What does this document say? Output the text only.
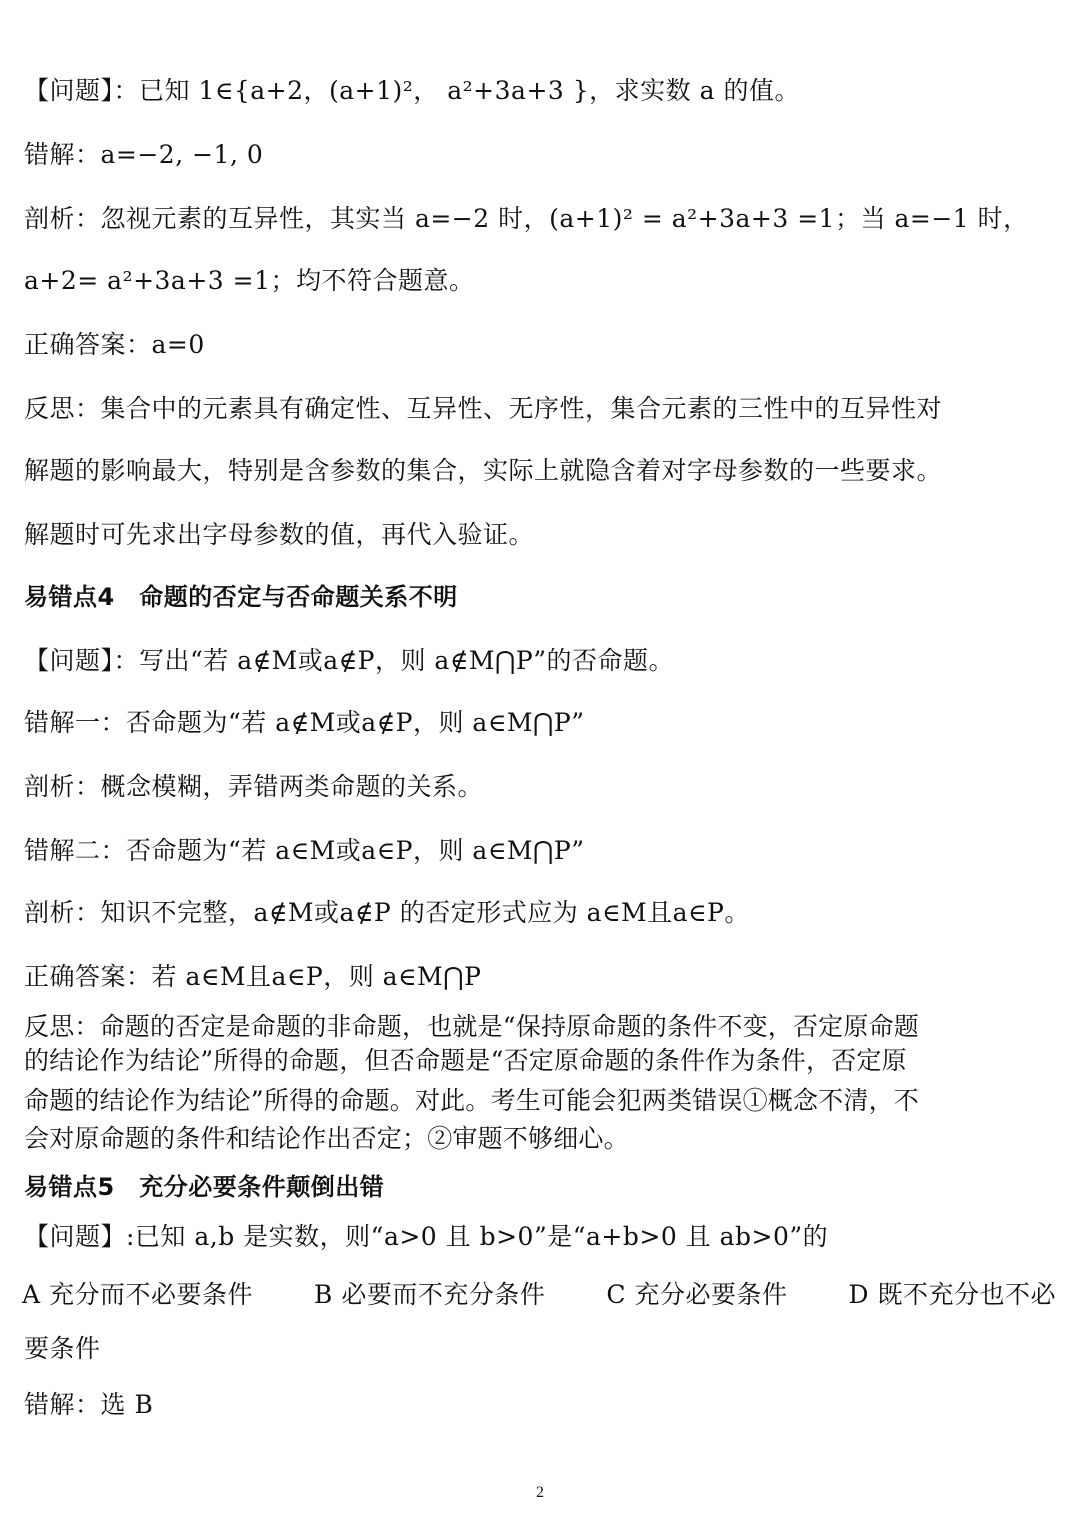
【问题】：已知 1∈{a+2，(a+1)²， a²+3a+3 }，求实数 a 的值。
错解：a=−2, −1, 0
剖析：忽视元素的互异性，其实当 a=−2 时，(a+1)² = a²+3a+3 =1；当 a=−1 时，
a+2= a²+3a+3 =1；均不符合题意。
正确答案：a=0
反思：集合中的元素具有确定性、互异性、无序性，集合元素的三性中的互异性对
解题的影响最大，特别是含参数的集合，实际上就隐含着对字母参数的一些要求。
解题时可先求出字母参数的值，再代入验证。
易错点4　命题的否定与否命题关系不明
【问题】：写出“若 a∉M或a∉P，则 a∉M⋂P”的否命题。
错解一：否命题为“若 a∉M或a∉P，则 a∈M⋂P”
剖析：概念模糊，弄错两类命题的关系。
错解二：否命题为“若 a∈M或a∈P，则 a∈M⋂P”
剖析：知识不完整，a∉M或a∉P 的否定形式应为 a∈M且a∈P。
正确答案：若 a∈M且a∈P，则 a∈M⋂P
反思：命题的否定是命题的非命题，也就是“保持原命题的条件不变，否定原命题
的结论作为结论”所得的命题，但否命题是“否定原命题的条件作为条件，否定原
命题的结论作为结论”所得的命题。对此。考生可能会犯两类错误①概念不清，不
会对原命题的条件和结论作出否定；②审题不够细心。
易错点5　充分必要条件颠倒出错
【问题】:已知 a,b 是实数，则“a>0 且 b>0”是“a+b>0 且 ab>0”的
A 充分而不必要条件 B 必要而不充分条件 C 充分必要条件 D 既不充分也不必
要条件
错解：选 B
2
